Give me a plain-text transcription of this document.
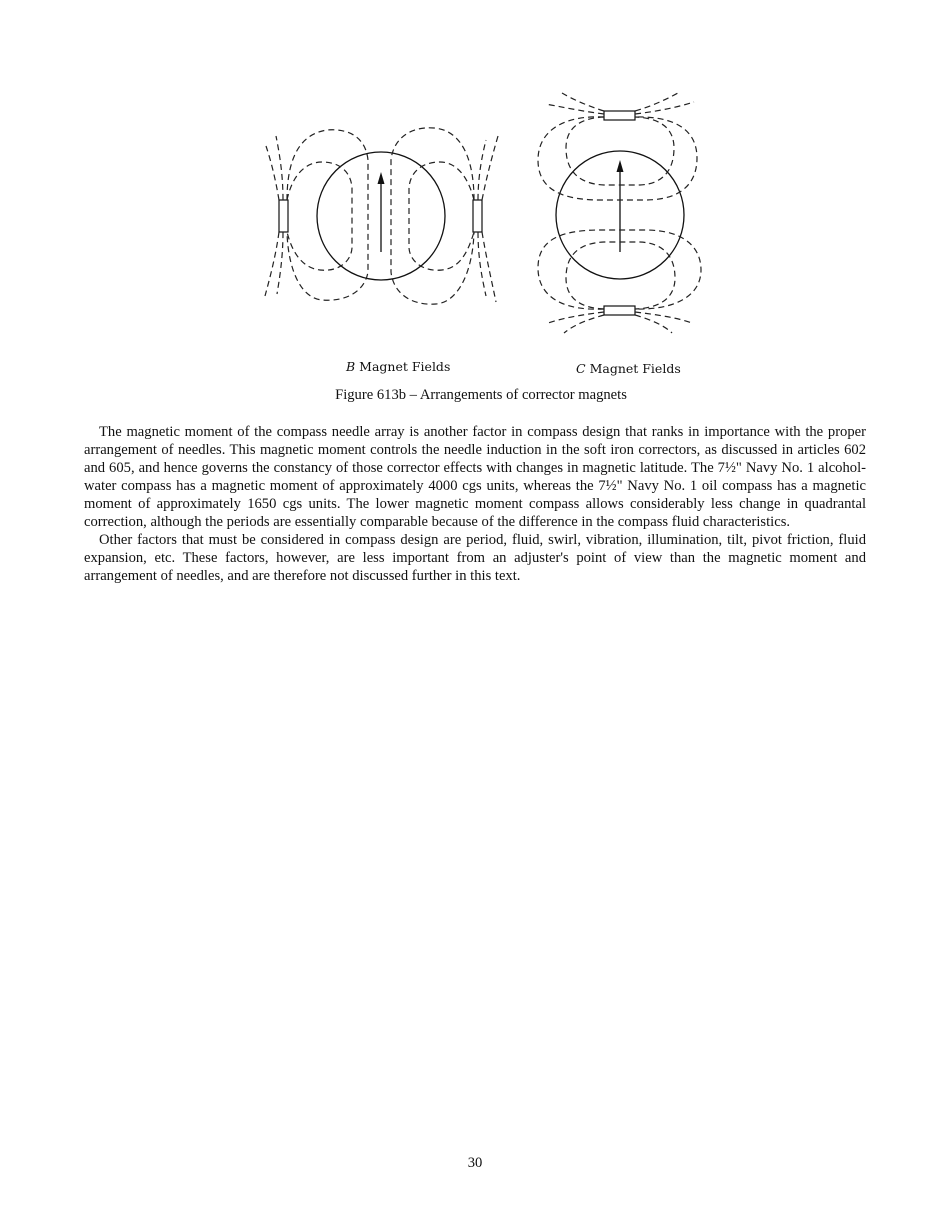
B Magnet Fields	C Magnet Fields
Figure 613b – Arrangements of corrector magnets

The magnetic moment of the compass needle array is another factor in compass design that ranks in importance with the proper arrangement of needles. This magnetic moment controls the needle induction in the soft iron correctors, as discussed in articles 602 and 605, and hence governs the constancy of those corrector effects with changes in magnetic latitude. The 7½" Navy No. 1 alcohol-water compass has a magnetic moment of approximately 4000 cgs units, whereas the 7½" Navy No. 1 oil compass has a magnetic moment of approximately 1650 cgs units. The lower magnetic moment compass allows considerably less change in quadrantal correction, although the periods are essentially comparable because of the difference in the compass fluid characteristics.

Other factors that must be considered in compass design are period, fluid, swirl, vibration, illumination, tilt, pivot friction, fluid expansion, etc. These factors, however, are less important from an adjuster's point of view than the magnetic moment and arrangement of needles, and are therefore not discussed further in this text.

30
